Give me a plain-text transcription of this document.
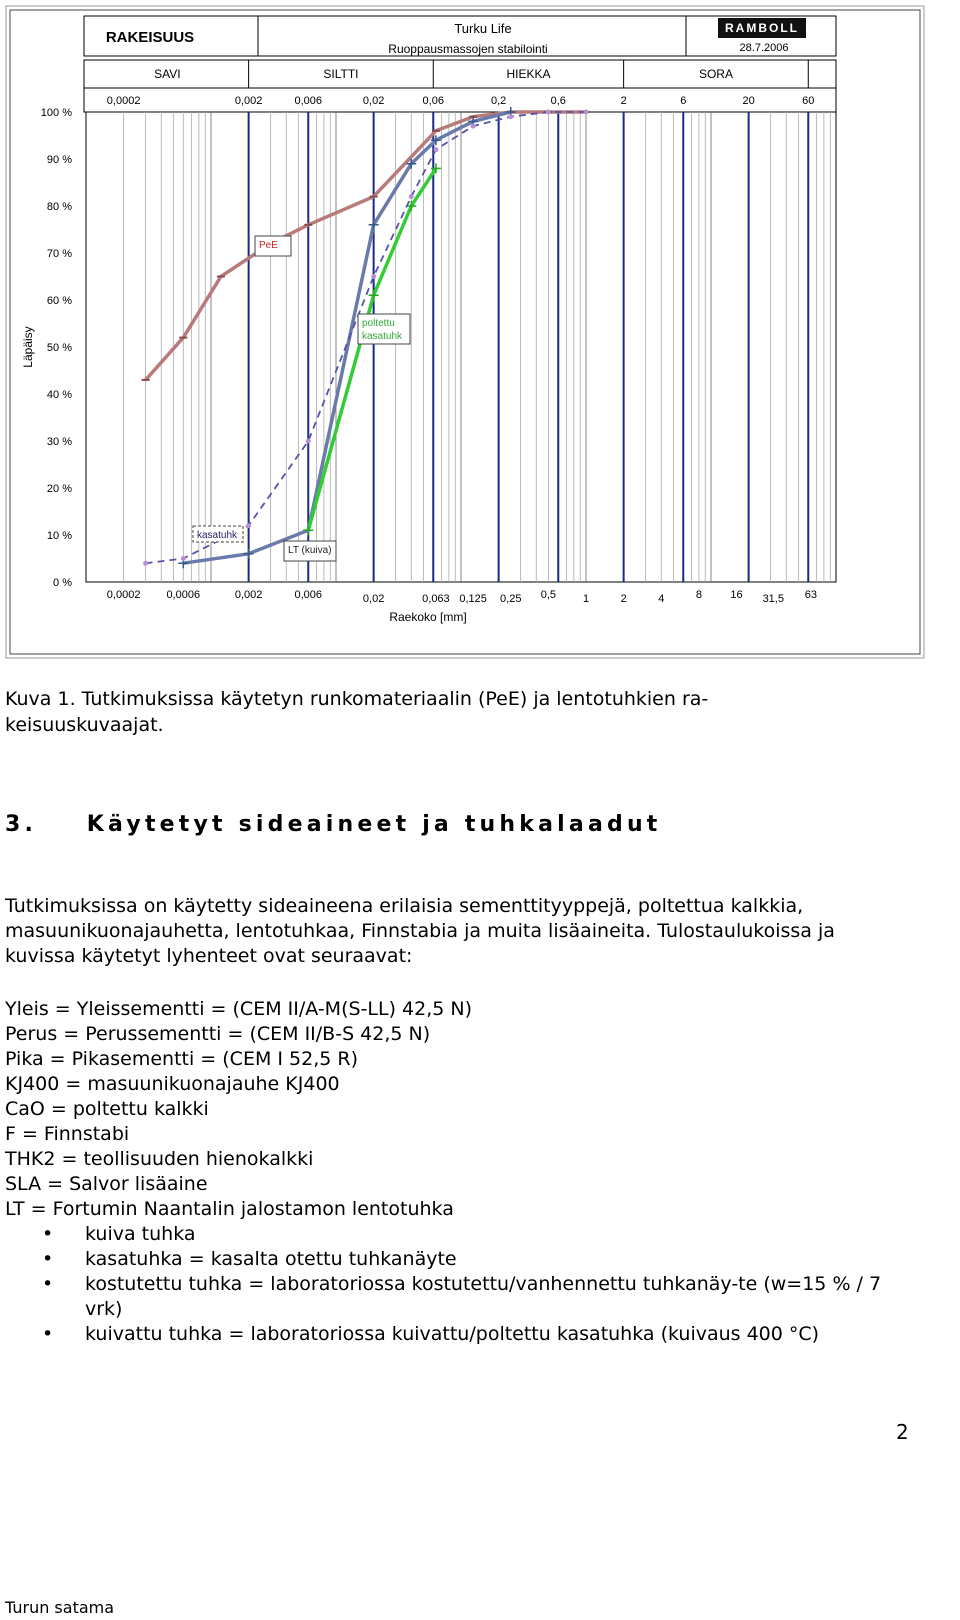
RAKEISUUS
Turku Life
Ruoppausmassojen stabilointi
RAMBOLL
28.7.2006
SAVI	SILTTI	HIEKKA	SORA
0,0002	0,002	0,006	0,02	0,06	0,2	0,6	2	6	20	60
0 %
10 %
20 %
30 %
40 %
50 %
60 %
70 %
80 %
90 %
100 %
Läpäisy
0,0002 0,0006	0,002	0,006	0,02	0,063 0,125 0,25 0,5 1	2	4	8	16 31,5 63
Raekoko [mm]
PeE
LT (kuiva)
poltettu
kasatuhk
kasatuhk
Kuva 1. Tutkimuksissa käytetyn runkomateriaalin (PeE) ja lentotuhkien ra-keisuuskuvaajat.
3. Käytetyt sideaineet ja tuhkalaadut
Tutkimuksissa on käytetty sideaineena erilaisia sementtityyppejä, poltettua kalkkia, masuunikuonajauhetta, lentotuhkaa, Finnstabia ja muita lisäaineita. Tulostaulukoissa ja kuvissa käytetyt lyhenteet ovat seuraavat:
Yleis = Yleissementti = (CEM II/A-M(S-LL) 42,5 N)
Perus = Perussementti = (CEM II/B-S 42,5 N)
Pika = Pikasementti = (CEM I 52,5 R)
KJ400 = masuunikuonajauhe KJ400
CaO = poltettu kalkki
F = Finnstabi
THK2 = teollisuuden hienokalkki
SLA = Salvor lisäaine
LT = Fortumin Naantalin jalostamon lentotuhka
• kuiva tuhka
• kasatuhka = kasalta otettu tuhkanäyte
• kostutettu tuhka = laboratoriossa kostutettu/vanhennettu tuhkanäy-te (w=15 % / 7 vrk)
• kuivattu tuhka = laboratoriossa kuivattu/poltettu kasatuhka (kuivaus 400 °C)
2
Turun satama
